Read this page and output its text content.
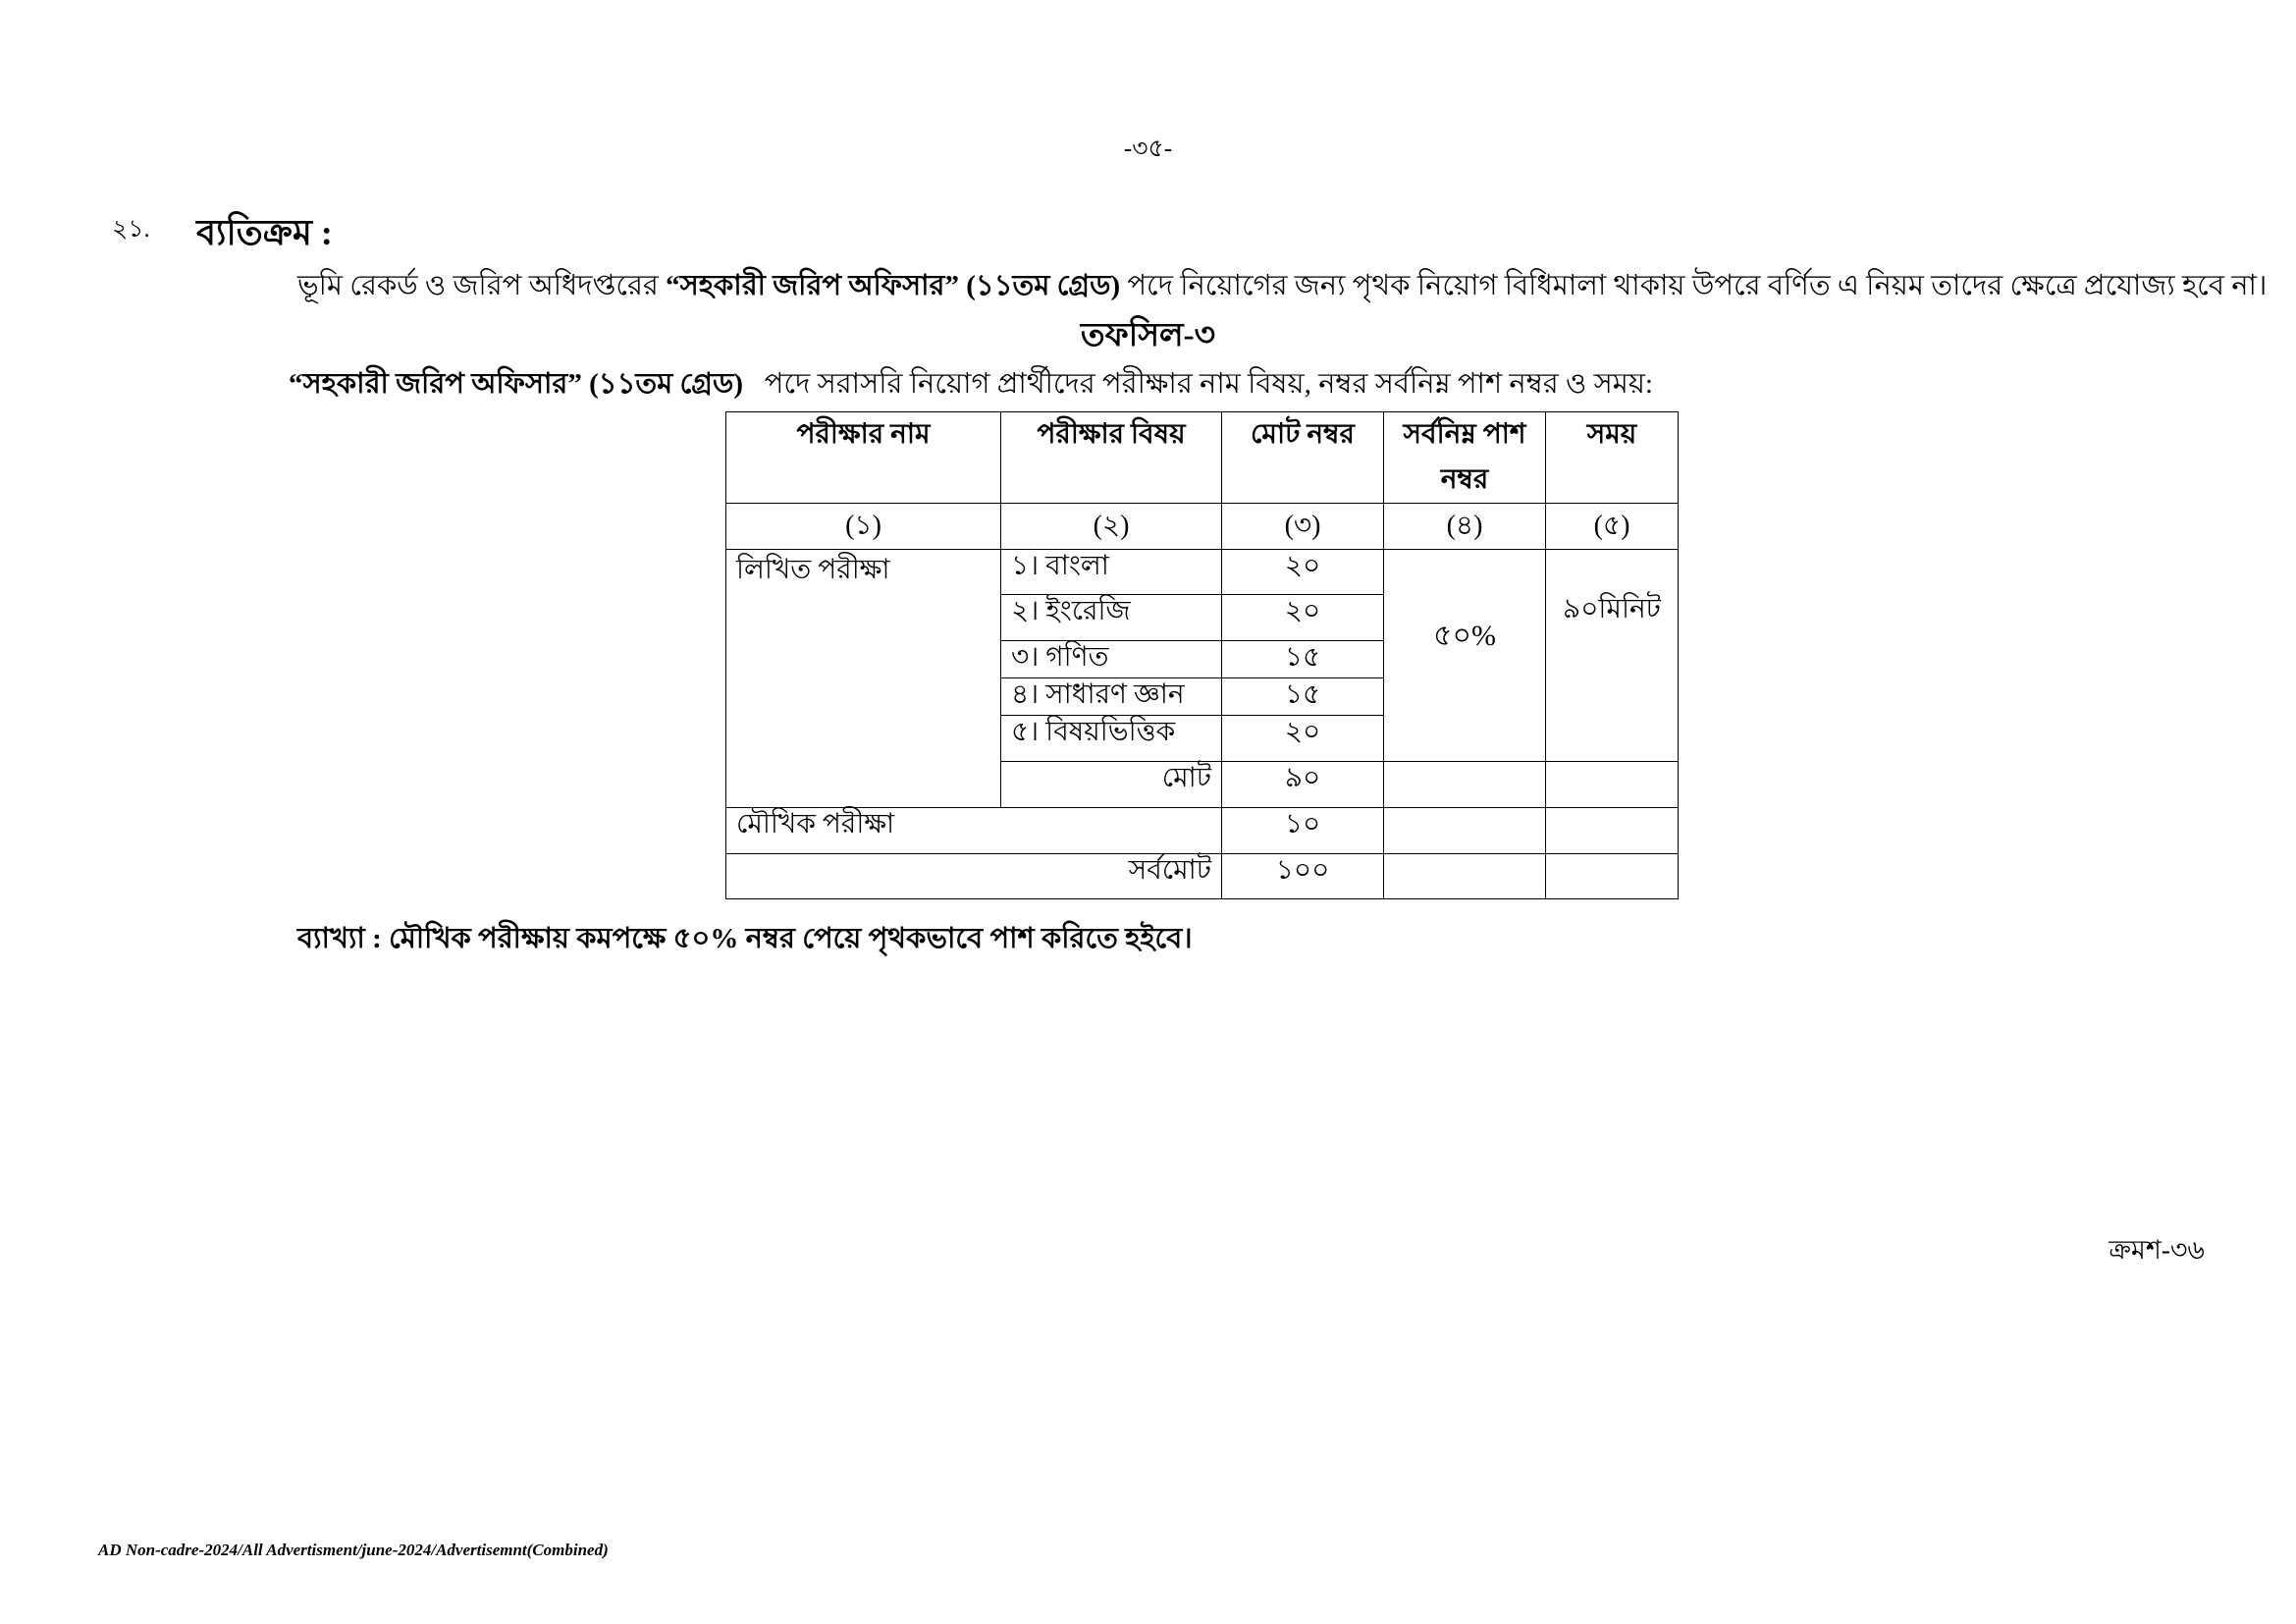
-৩৫-
২১. ব্যতিক্রম :
ভূমি রেকর্ড ও জরিপ অধিদপ্তরের “সহকারী জরিপ অফিসার” (১১তম গ্রেড) পদে নিয়োগের জন্য পৃথক নিয়োগ বিধিমালা থাকায় উপরে বর্ণিত এ নিয়ম তাদের ক্ষেত্রে প্রযোজ্য হবে না।
তফসিল-৩
“সহকারী জরিপ অফিসার” (১১তম গ্রেড) পদে সরাসরি নিয়োগ প্রার্থীদের পরীক্ষার নাম বিষয়, নম্বর সর্বনিম্ন পাশ নম্বর ও সময়:
পরীক্ষার নাম	পরীক্ষার বিষয়	মোট নম্বর	সর্বনিম্ন পাশ নম্বর	সময়
(১)	(২)	(৩)	(৪)	(৫)
লিখিত পরীক্ষা	১। বাংলা	২০	৫০%	৯০মিনিট
	২। ইংরেজি	২০		
	৩। গণিত	১৫		
	৪। সাধারণ জ্ঞান	১৫		
	৫। বিষয়ভিত্তিক	২০		
	মোট	৯০		
মৌখিক পরীক্ষা		১০		
সর্বমোট		১০০		
ব্যাখ্যা : মৌখিক পরীক্ষায় কমপক্ষে ৫০% নম্বর পেয়ে পৃথকভাবে পাশ করিতে হইবে।
ক্রমশ-৩৬
AD Non-cadre-2024/All Advertisment/june-2024/Advertisemnt(Combined)
